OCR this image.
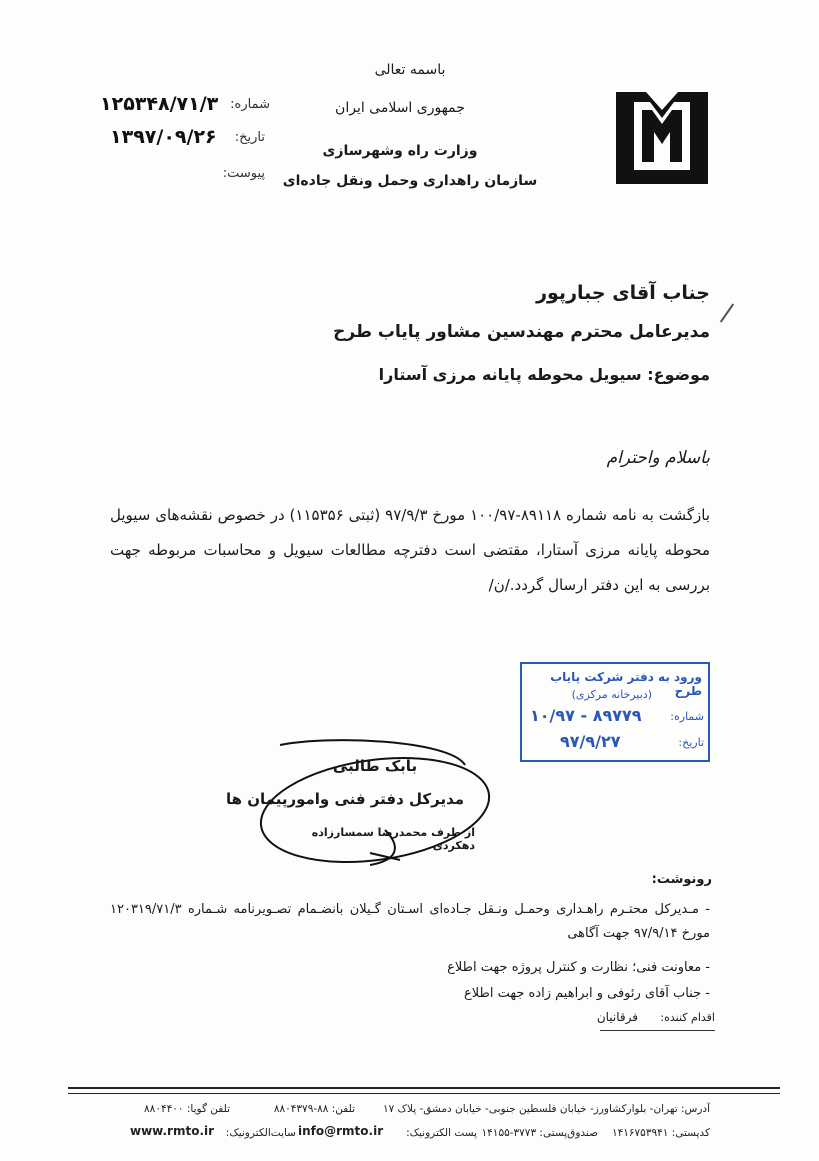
باسمه تعالی
جمهوری اسلامی ایران
وزارت راه وشهرسازی
سازمان راهداری وحمل ونقل جاده‌ای
شماره:
۱۲۵۳۴۸/۷۱/۳
تاریخ:
۱۳۹۷/۰۹/۲۶
پیوست:
جناب آقای جبارپور
مدیرعامل محترم مهندسین مشاور پایاب طرح
موضوع: سیویل محوطه پایانه مرزی آستارا
باسلام واحترام
بازگشت به نامه شماره ۸۹۱۱۸-۱۰۰/۹۷ مورخ ۹۷/۹/۳ (ثبتی ۱۱۵۳۵۶) در خصوص نقشه‌های سیویل محوطه پایانه مرزی آستارا، مقتضی است دفترچه مطالعات سیویل و محاسبات مربوطه جهت بررسی به این دفتر ارسال گردد./ن/
ورود به دفتر شرکت پایاب طرح
(دبیرخانه مرکزی)
شماره:
۱۰/۹۷ - ۸۹۷۷۹
تاریخ:
۹۷/۹/۲۷
بابک طالبی
مدیرکل دفتر فنی وامورپیمان ها
از طرف محمدرضا سمسارزاده دهکردی
رونوشت:
- مـدیرکل محتـرم راهـداری وحمـل ونـقل جـاده‌ای اسـتان گـیلان بانضـمام تصـویرنامه شـماره ۱۲۰۳۱۹/۷۱/۳ مورخ ۹۷/۹/۱۴ جهت آگاهی
- معاونت فنی؛ نظارت و کنترل پروژه جهت اطلاع
- جناب آقای رئوفی و ابراهیم زاده جهت اطلاع
اقدام کننده:
فرقانیان
آدرس: تهران- بلوارکشاورز- خیابان فلسطین جنوبی- خیابان دمشق- پلاک ۱۷
تلفن: ۸۸-۸۸۰۴۳۷۹
تلفن گویا: ۸۸۰۴۴۰۰
کدپستی: ۱۴۱۶۷۵۳۹۴۱
صندوق‌پستی: ۳۷۷۳-۱۴۱۵۵
پست الکترونیک:
info@rmto.ir
سایت‌الکترونیک:
www.rmto.ir
